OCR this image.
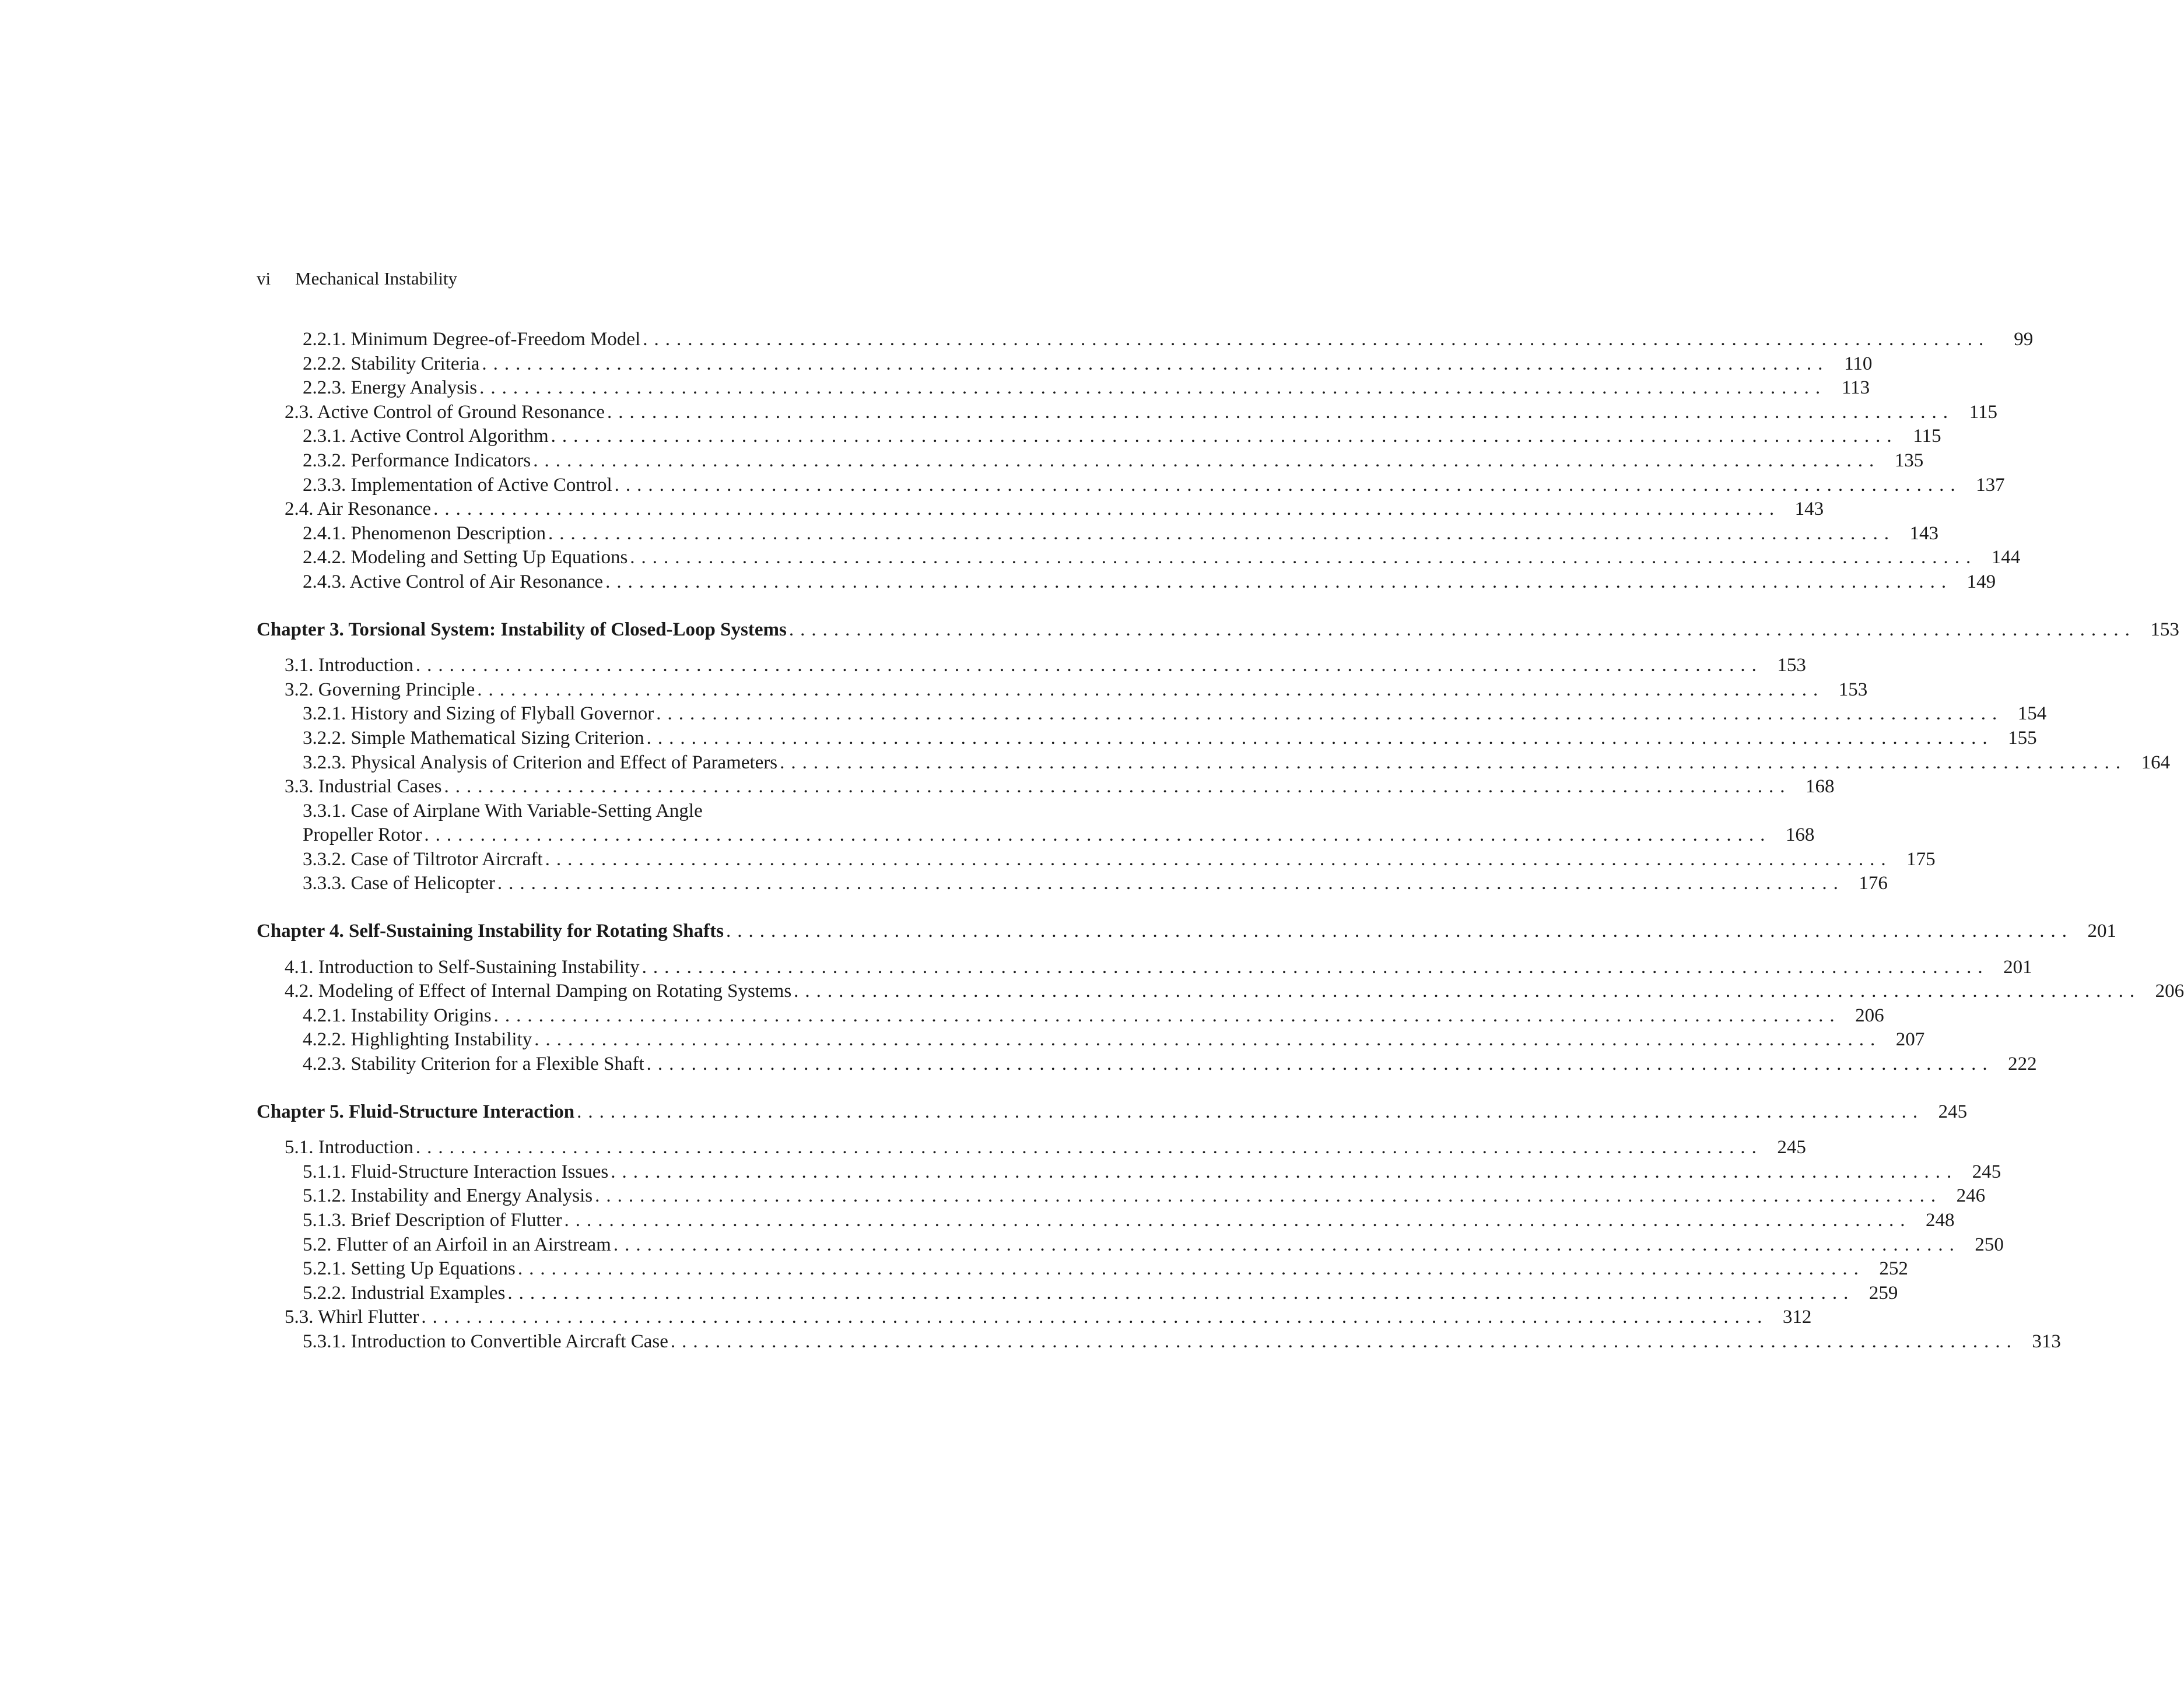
vi Mechanical Instability
2.2.1. Minimum Degree-of-Freedom Model ........................................................................................................................	99
2.2.2. Stability Criteria ........................................................................................................................ 110
2.2.3. Energy Analysis ........................................................................................................................ 113
2.3. Active Control of Ground Resonance ........................................................................................................................ 115
2.3.1. Active Control Algorithm ........................................................................................................................ 115
2.3.2. Performance Indicators ........................................................................................................................ 135
2.3.3. Implementation of Active Control ........................................................................................................................ 137
2.4. Air Resonance ........................................................................................................................ 143
2.4.1. Phenomenon Description ........................................................................................................................ 143
2.4.2. Modeling and Setting Up Equations ........................................................................................................................ 144
2.4.3. Active Control of Air Resonance ........................................................................................................................ 149
Chapter 3. Torsional System: Instability of Closed-Loop Systems ........................................................................................................................ 153
3.1. Introduction ........................................................................................................................ 153
3.2. Governing Principle ........................................................................................................................ 153
3.2.1. History and Sizing of Flyball Governor ........................................................................................................................ 154
3.2.2. Simple Mathematical Sizing Criterion ........................................................................................................................ 155
3.2.3. Physical Analysis of Criterion and Effect of Parameters ........................................................................................................................ 164
3.3. Industrial Cases ........................................................................................................................ 168
3.3.1. Case of Airplane With Variable-Setting Angle
Propeller Rotor ........................................................................................................................ 168
3.3.2. Case of Tiltrotor Aircraft ........................................................................................................................ 175
3.3.3. Case of Helicopter ........................................................................................................................ 176
Chapter 4. Self-Sustaining Instability for Rotating Shafts ........................................................................................................................ 201
4.1. Introduction to Self-Sustaining Instability ........................................................................................................................ 201
4.2. Modeling of Effect of Internal Damping on Rotating Systems ........................................................................................................................ 206
4.2.1. Instability Origins ........................................................................................................................ 206
4.2.2. Highlighting Instability ........................................................................................................................ 207
4.2.3. Stability Criterion for a Flexible Shaft ........................................................................................................................ 222
Chapter 5. Fluid-Structure Interaction ........................................................................................................................ 245
5.1. Introduction ........................................................................................................................ 245
5.1.1. Fluid-Structure Interaction Issues ........................................................................................................................ 245
5.1.2. Instability and Energy Analysis ........................................................................................................................ 246
5.1.3. Brief Description of Flutter ........................................................................................................................ 248
5.2. Flutter of an Airfoil in an Airstream ........................................................................................................................ 250
5.2.1. Setting Up Equations ........................................................................................................................ 252
5.2.2. Industrial Examples ........................................................................................................................ 259
5.3. Whirl Flutter ........................................................................................................................ 312
5.3.1. Introduction to Convertible Aircraft Case ........................................................................................................................ 313
